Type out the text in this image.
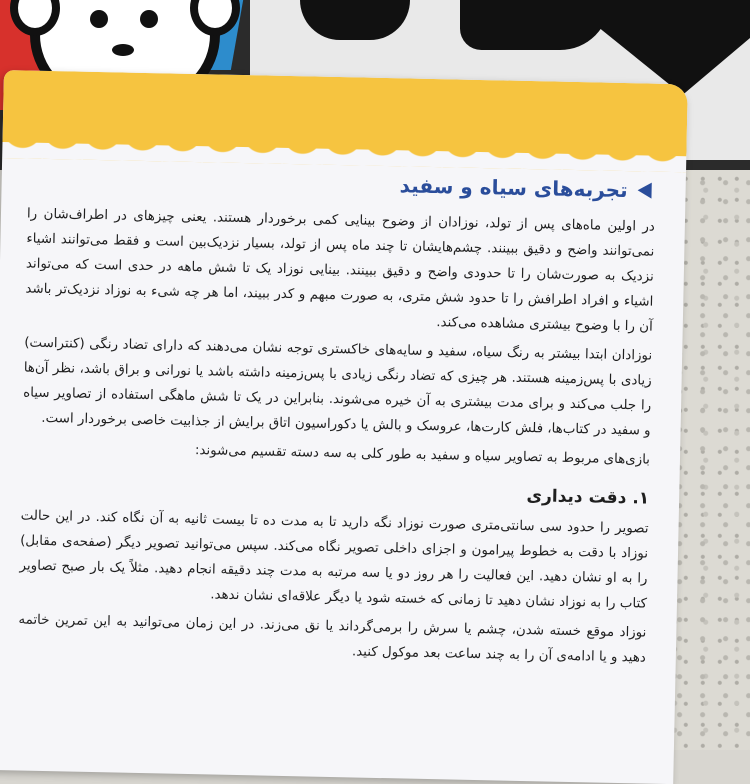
تجربه‌های سیاه و سفید

در اولین ماه‌های پس از تولد، نوزادان از وضوح بینایی کمی برخوردار هستند. یعنی چیزهای در اطراف‌شان را نمی‌توانند واضح و دقیق ببینند. چشم‌هایشان تا چند ماه پس از تولد، بسیار نزدیک‌بین است و فقط می‌توانند اشیاء نزدیک به صورت‌شان را تا حدودی واضح و دقیق ببینند. بینایی نوزاد یک تا شش ماهه در حدی است که می‌تواند اشیاء و افراد اطرافش را تا حدود شش متری، به صورت مبهم و کدر ببیند، اما هر چه شیء به نوزاد نزدیک‌تر باشد آن را با وضوح بیشتری مشاهده می‌کند.

نوزادان ابتدا بیشتر به رنگ سیاه، سفید و سایه‌های خاکستری توجه نشان می‌دهند که دارای تضاد رنگی (کنتراست) زیادی با پس‌زمینه هستند. هر چیزی که تضاد رنگی زیادی با پس‌زمینه داشته باشد یا نورانی و براق باشد، نظر آن‌ها را جلب می‌کند و برای مدت بیشتری به آن خیره می‌شوند. بنابراین در یک تا شش ماهگی استفاده از تصاویر سیاه و سفید در کتاب‌ها، فلش کارت‌ها، عروسک و بالش یا دکوراسیون اتاق برایش از جذابیت خاصی برخوردار است.

بازی‌های مربوط به تصاویر سیاه و سفید به طور کلی به سه دسته تقسیم می‌شوند:

۱. دقت دیداری

تصویر را حدود سی سانتی‌متری صورت نوزاد نگه دارید تا به مدت ده تا بیست ثانیه به آن نگاه کند. در این حالت نوزاد با دقت به خطوط پیرامون و اجزای داخلی تصویر نگاه می‌کند. سپس می‌توانید تصویر دیگر (صفحه‌ی مقابل) را به او نشان دهید. این فعالیت را هر روز دو یا سه مرتبه به مدت چند دقیقه انجام دهید. مثلاً یک بار صبح تصاویر کتاب را به نوزاد نشان دهید تا زمانی که خسته شود یا دیگر علاقه‌ای نشان ندهد.

نوزاد موقع خسته شدن، چشم یا سرش را برمی‌گرداند یا نق می‌زند. در این زمان می‌توانید به این تمرین خاتمه دهید و یا ادامه‌ی آن را به چند ساعت بعد موکول کنید.
